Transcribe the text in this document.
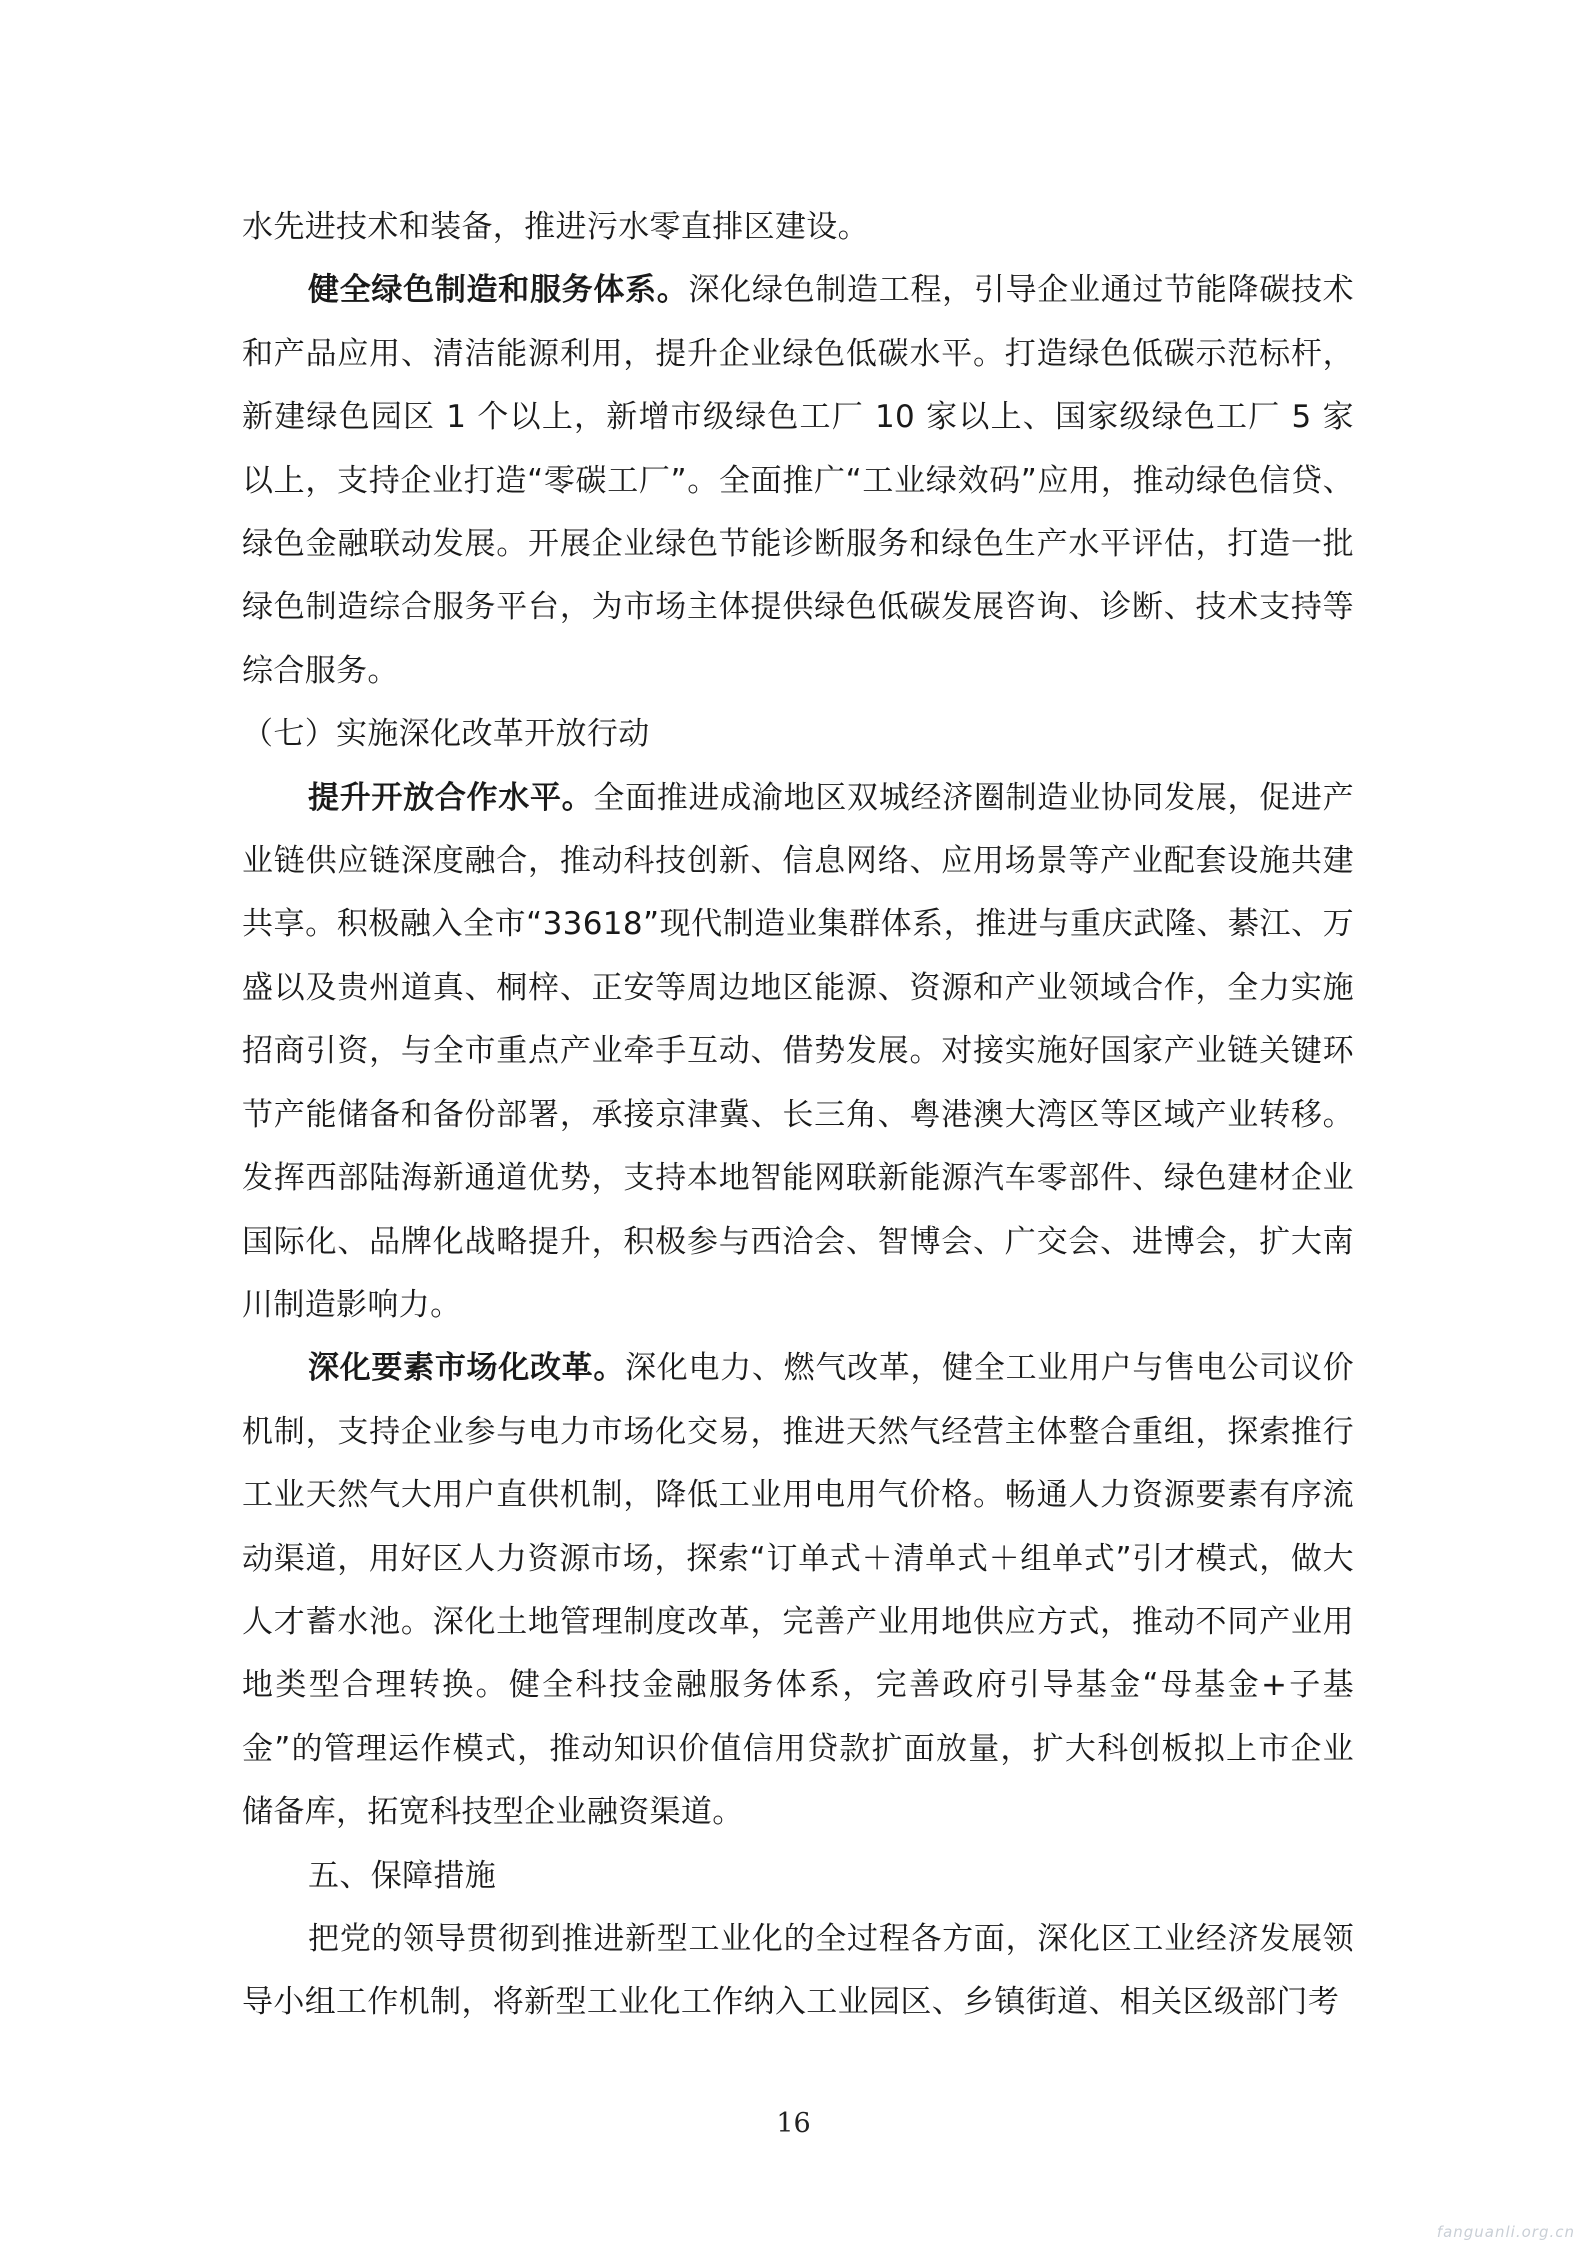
水先进技术和装备，推进污水零直排区建设。

健全绿色制造和服务体系。深化绿色制造工程，引导企业通过节能降碳技术和产品应用、清洁能源利用，提升企业绿色低碳水平。打造绿色低碳示范标杆，新建绿色园区 1 个以上，新增市级绿色工厂 10 家以上、国家级绿色工厂 5 家以上，支持企业打造“零碳工厂”。全面推广“工业绿效码”应用，推动绿色信贷、绿色金融联动发展。开展企业绿色节能诊断服务和绿色生产水平评估，打造一批绿色制造综合服务平台，为市场主体提供绿色低碳发展咨询、诊断、技术支持等综合服务。

（七）实施深化改革开放行动

提升开放合作水平。全面推进成渝地区双城经济圈制造业协同发展，促进产业链供应链深度融合，推动科技创新、信息网络、应用场景等产业配套设施共建共享。积极融入全市“33618”现代制造业集群体系，推进与重庆武隆、綦江、万盛以及贵州道真、桐梓、正安等周边地区能源、资源和产业领域合作，全力实施招商引资，与全市重点产业牵手互动、借势发展。对接实施好国家产业链关键环节产能储备和备份部署，承接京津冀、长三角、粤港澳大湾区等区域产业转移。发挥西部陆海新通道优势，支持本地智能网联新能源汽车零部件、绿色建材企业国际化、品牌化战略提升，积极参与西洽会、智博会、广交会、进博会，扩大南川制造影响力。

深化要素市场化改革。深化电力、燃气改革，健全工业用户与售电公司议价机制，支持企业参与电力市场化交易，推进天然气经营主体整合重组，探索推行工业天然气大用户直供机制，降低工业用电用气价格。畅通人力资源要素有序流动渠道，用好区人力资源市场，探索“订单式＋清单式＋组单式”引才模式，做大人才蓄水池。深化土地管理制度改革，完善产业用地供应方式，推动不同产业用地类型合理转换。健全科技金融服务体系，完善政府引导基金“母基金+子基金”的管理运作模式，推动知识价值信用贷款扩面放量，扩大科创板拟上市企业储备库，拓宽科技型企业融资渠道。

五、保障措施

把党的领导贯彻到推进新型工业化的全过程各方面，深化区工业经济发展领导小组工作机制，将新型工业化工作纳入工业园区、乡镇街道、相关区级部门考

16
fanguanli.org.cn
